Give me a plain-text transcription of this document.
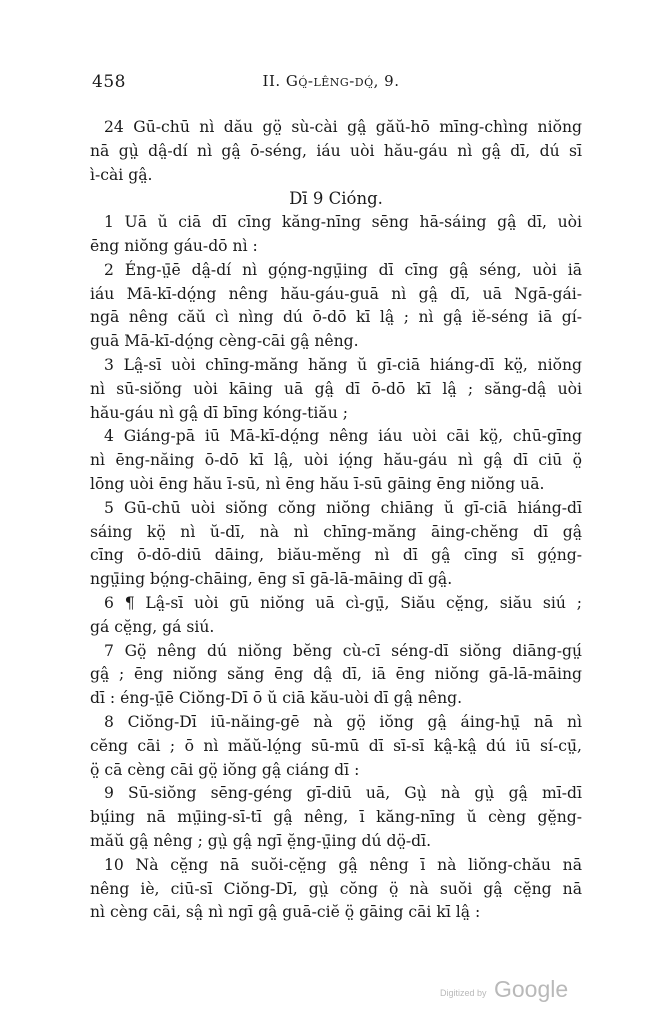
458	II. Gó̤-lêng-dó̤, 9.
24 Gū-chū nì dău gö̤ sù-cài gâ̤ găŭ-hō mīng-chìng niŏng
nā gṳ̀ dâ̤-dí nì gâ̤ ō-séng, iáu uòi hău-gáu nì gâ̤ dī, dú sī
ì-cài gâ̤.
Dī 9 Cióng.
1 Uā ŭ ciā dī cīng kăng-nīng sēng hā-sáing gâ̤ dī, uòi
ēng niŏng gáu-dō nì :
2 Éng-ṳ̄ē dâ̤-dí nì gó̤ng-ngṳ̄ing dī cīng gâ̤ séng, uòi iā
iáu Mā-kī-dó̤ng nêng hău-gáu-guā nì gâ̤ dī, uā Ngā-gái-
ngā nêng căŭ cì nìng dú ō-dō kī lâ̤ ; nì gâ̤ iĕ-séng iā gí-
guā Mā-kī-dó̤ng cèng-cāi gâ̤ nêng.
3 Lâ̤-sī uòi chīng-măng hăng ŭ gī-ciā hiáng-dī kö̤, niŏng
nì sū-siŏng uòi kāing uā gâ̤ dī ō-dō kī lâ̤ ; săng-dâ̤ uòi
hău-gáu nì gâ̤ dī bīng kóng-tiău ;
4 Giáng-pā iū Mā-kī-dó̤ng nêng iáu uòi cāi kö̤, chū-gīng
nì ēng-năing ō-dō kī lâ̤, uòi ió̤ng hău-gáu nì gâ̤ dī ciū ö̤
lōng uòi ēng hău ī-sū, nì ēng hău ī-sū gāing ēng niŏng uā.
5 Gū-chū uòi siŏng cŏng niŏng chiāng ŭ gī-ciā hiáng-dī
sáing kö̤ nì ŭ-dī, nà nì chīng-măng āing-chĕng dī gâ̤
cīng ō-dō-diū dāing, biău-mĕng nì dī gâ̤ cīng sī gó̤ng-
ngṳ̄ing bó̤ng-chāing, ēng sī gā-lā-māing dī gâ̤.
6 ¶ Lâ̤-sī uòi gū niŏng uā cì-gṳ̄, Siău cĕ̤ng, siău siú ;
gá cĕ̤ng, gá siú.
7 Gö̤ nêng dú niŏng bĕng cù-cī séng-dī siŏng diāng-gṳ́
gâ̤ ; ēng niŏng săng ēng dâ̤ dī, iā ēng niŏng gā-lā-māing
dī : éng-ṳ̄ē Ciŏng-Dī ō ŭ ciā kău-uòi dī gâ̤ nêng.
8 Ciŏng-Dī iū-năing-gē nà gö̤ iŏng gâ̤ áing-hṳ̄ nā nì
cĕng cāi ; ō nì măŭ-ló̤ng sū-mū dī sī-sī kâ̤-kâ̤ dú iū sí-cṳ̄,
ö̤ cā cèng cāi gö̤ iŏng gâ̤ ciáng dī :
9 Sū-siŏng sēng-géng gī-diū uā, Gṳ̀ nà gṳ̀ gâ̤ mī-dī
bṳ́ing nā mṳ̄ing-sī-tī gâ̤ nêng, ī kăng-nīng ŭ cèng gĕ̤ng-
măŭ gâ̤ nêng ; gṳ̀ gâ̤ ngī ĕ̤ng-ṳ̄ing dú dö̤-dī.
10 Nà cĕ̤ng nā suŏi-cĕ̤ng gâ̤ nêng ī nà liŏng-chău nā
nêng iè, ciū-sī Ciŏng-Dī, gṳ̀ cŏng ö̤ nà suŏi gâ̤ cĕ̤ng nā
nì cèng cāi, sâ̤ nì ngī gâ̤ guā-ciĕ ö̤ gāing cāi kī lâ̤ :
Digitized by Google
